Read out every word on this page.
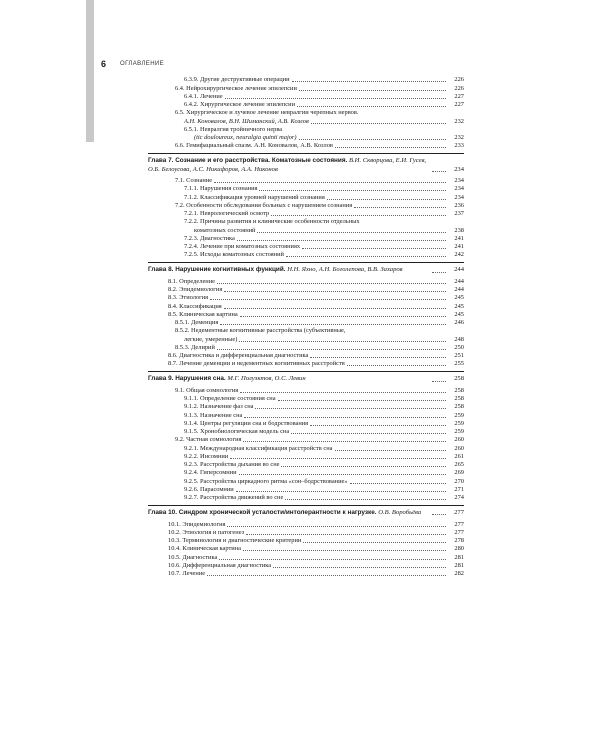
6 ОГЛАВЛЕНИЕ
6.3.9. Другие деструктивные операции	226
6.4. Нейрохирургическое лечение эпилепсии	226
6.4.1. Лечение	227
6.4.2. Хирургическое лечение эпилепсии	227
6.5. Хирургическое и лучевое лечение невралгии черепных нервов.
А.Н. Коновалов, В.Н. Шиманский, А.В. Козлов	232
6.5.1. Невралгия тройничного нерва
(tic douloureux, neuralgia quinti major)	232
6.6. Гемифациальный спазм. А.Н. Коновалов, А.В. Козлов	233
Глава 7. Сознание и его расстройства. Коматозные состояния. В.И. Скворцова, Е.И. Гусев, О.Б. Белоусова, А.С. Никифоров, А.А. Никонов	234
7.1. Сознание	234
7.1.1. Нарушения сознания	234
7.1.2. Классификация уровней нарушений сознания	234
7.2. Особенности обследования больных с нарушением сознания	236
7.2.1. Неврологический осмотр	237
7.2.2. Причины развития и клинические особенности отдельных
коматозных состояний	238
7.2.3. Диагностика	241
7.2.4. Лечение при коматозных состояниях	241
7.2.5. Исходы коматозных состояний	242
Глава 8. Нарушение когнитивных функций. Н.Н. Яхно, А.Н. Боголепова, В.В. Захаров	244
8.1. Определение	244
8.2. Эпидемиология	244
8.3. Этиология	245
8.4. Классификация	245
8.5. Клиническая картина	245
8.5.1. Деменция	246
8.5.2. Недементные когнитивные расстройства (субъективные,
легкие, умеренные)	248
8.5.3. Делирий	250
8.6. Диагностика и дифференциальная диагностика	251
8.7. Лечение деменции и недементных когнитивных расстройств	255
Глава 9. Нарушения сна. М.Г. Полуэктов, О.С. Левин	258
9.1. Общая сомнология	258
9.1.1. Определение состояния сна	258
9.1.2. Назначение фаз сна	258
9.1.3. Назначение сна	259
9.1.4. Центры регуляции сна и бодрствования	259
9.1.5. Хронобиологическая модель сна	259
9.2. Частная сомнология	260
9.2.1. Международная классификация расстройств сна	260
9.2.2. Инсомнии	261
9.2.3. Расстройства дыхания во сне	265
9.2.4. Гиперсомнии	269
9.2.5. Расстройства циркадного ритма «сон–бодрствование»	270
9.2.6. Парасомнии	271
9.2.7. Расстройства движений во сне	274
Глава 10. Синдром хронической усталости/интолерантности к нагрузке. О.В. Воробьёва	277
10.1. Эпидемиология	277
10.2. Этиология и патогенез	277
10.3. Терминология и диагностические критерии	278
10.4. Клиническая картина	280
10.5. Диагностика	281
10.6. Дифференциальная диагностика	281
10.7. Лечение	282
